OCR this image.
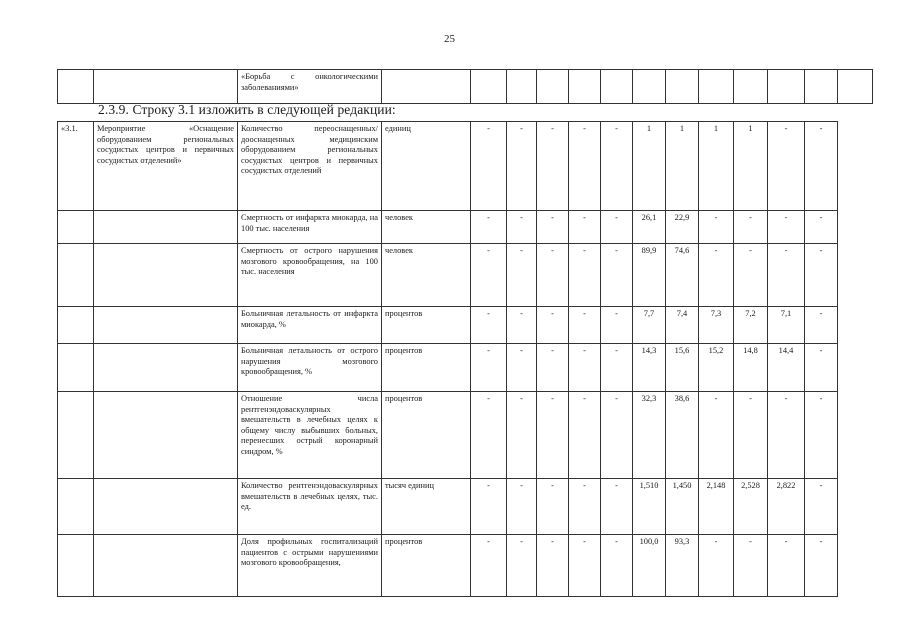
25
		«Борьба с онкологическими заболеваниями»													
2.3.9. Строку 3.1 изложить в следующей редакции:
«3.1.	Мероприятие «Оснащение оборудованием региональных сосудистых центров и первичных сосудистых отделений»	Количество переоснащенных/дооснащенных медицинским оборудованием региональных сосудистых центров и первичных сосудистых отделений	единиц	-	-	-	-	-	1	1	1	1	-	-
		Смертность от инфаркта миокарда, на 100 тыс. населения	человек	-	-	-	-	-	26,1	22,9	-	-	-	-
		Смертность от острого нарушения мозгового кровообращения, на 100 тыс. населения	человек	-	-	-	-	-	89,9	74,6	-	-	-	-
		Больничная летальность от инфаркта миокарда, %	процентов	-	-	-	-	-	7,7	7,4	7,3	7,2	7,1	-
		Больничная летальность от острого нарушения мозгового кровообращения, %	процентов	-	-	-	-	-	14,3	15,6	15,2	14,8	14,4	-
		Отношение числа рентгенэндоваскулярных вмешательств в лечебных целях к общему числу выбывших больных, перенесших острый коронарный синдром, %	процентов	-	-	-	-	-	32,3	38,6	-	-	-	-
		Количество рентгенэндоваскулярных вмешательств в лечебных целях, тыс. ед.	тысяч единиц	-	-	-	-	-	1,510	1,450	2,148	2,528	2,822	-
		Доля профильных госпитализаций пациентов с острыми нарушениями мозгового кровообращения,	процентов	-	-	-	-	-	100,0	93,3	-	-	-	-
